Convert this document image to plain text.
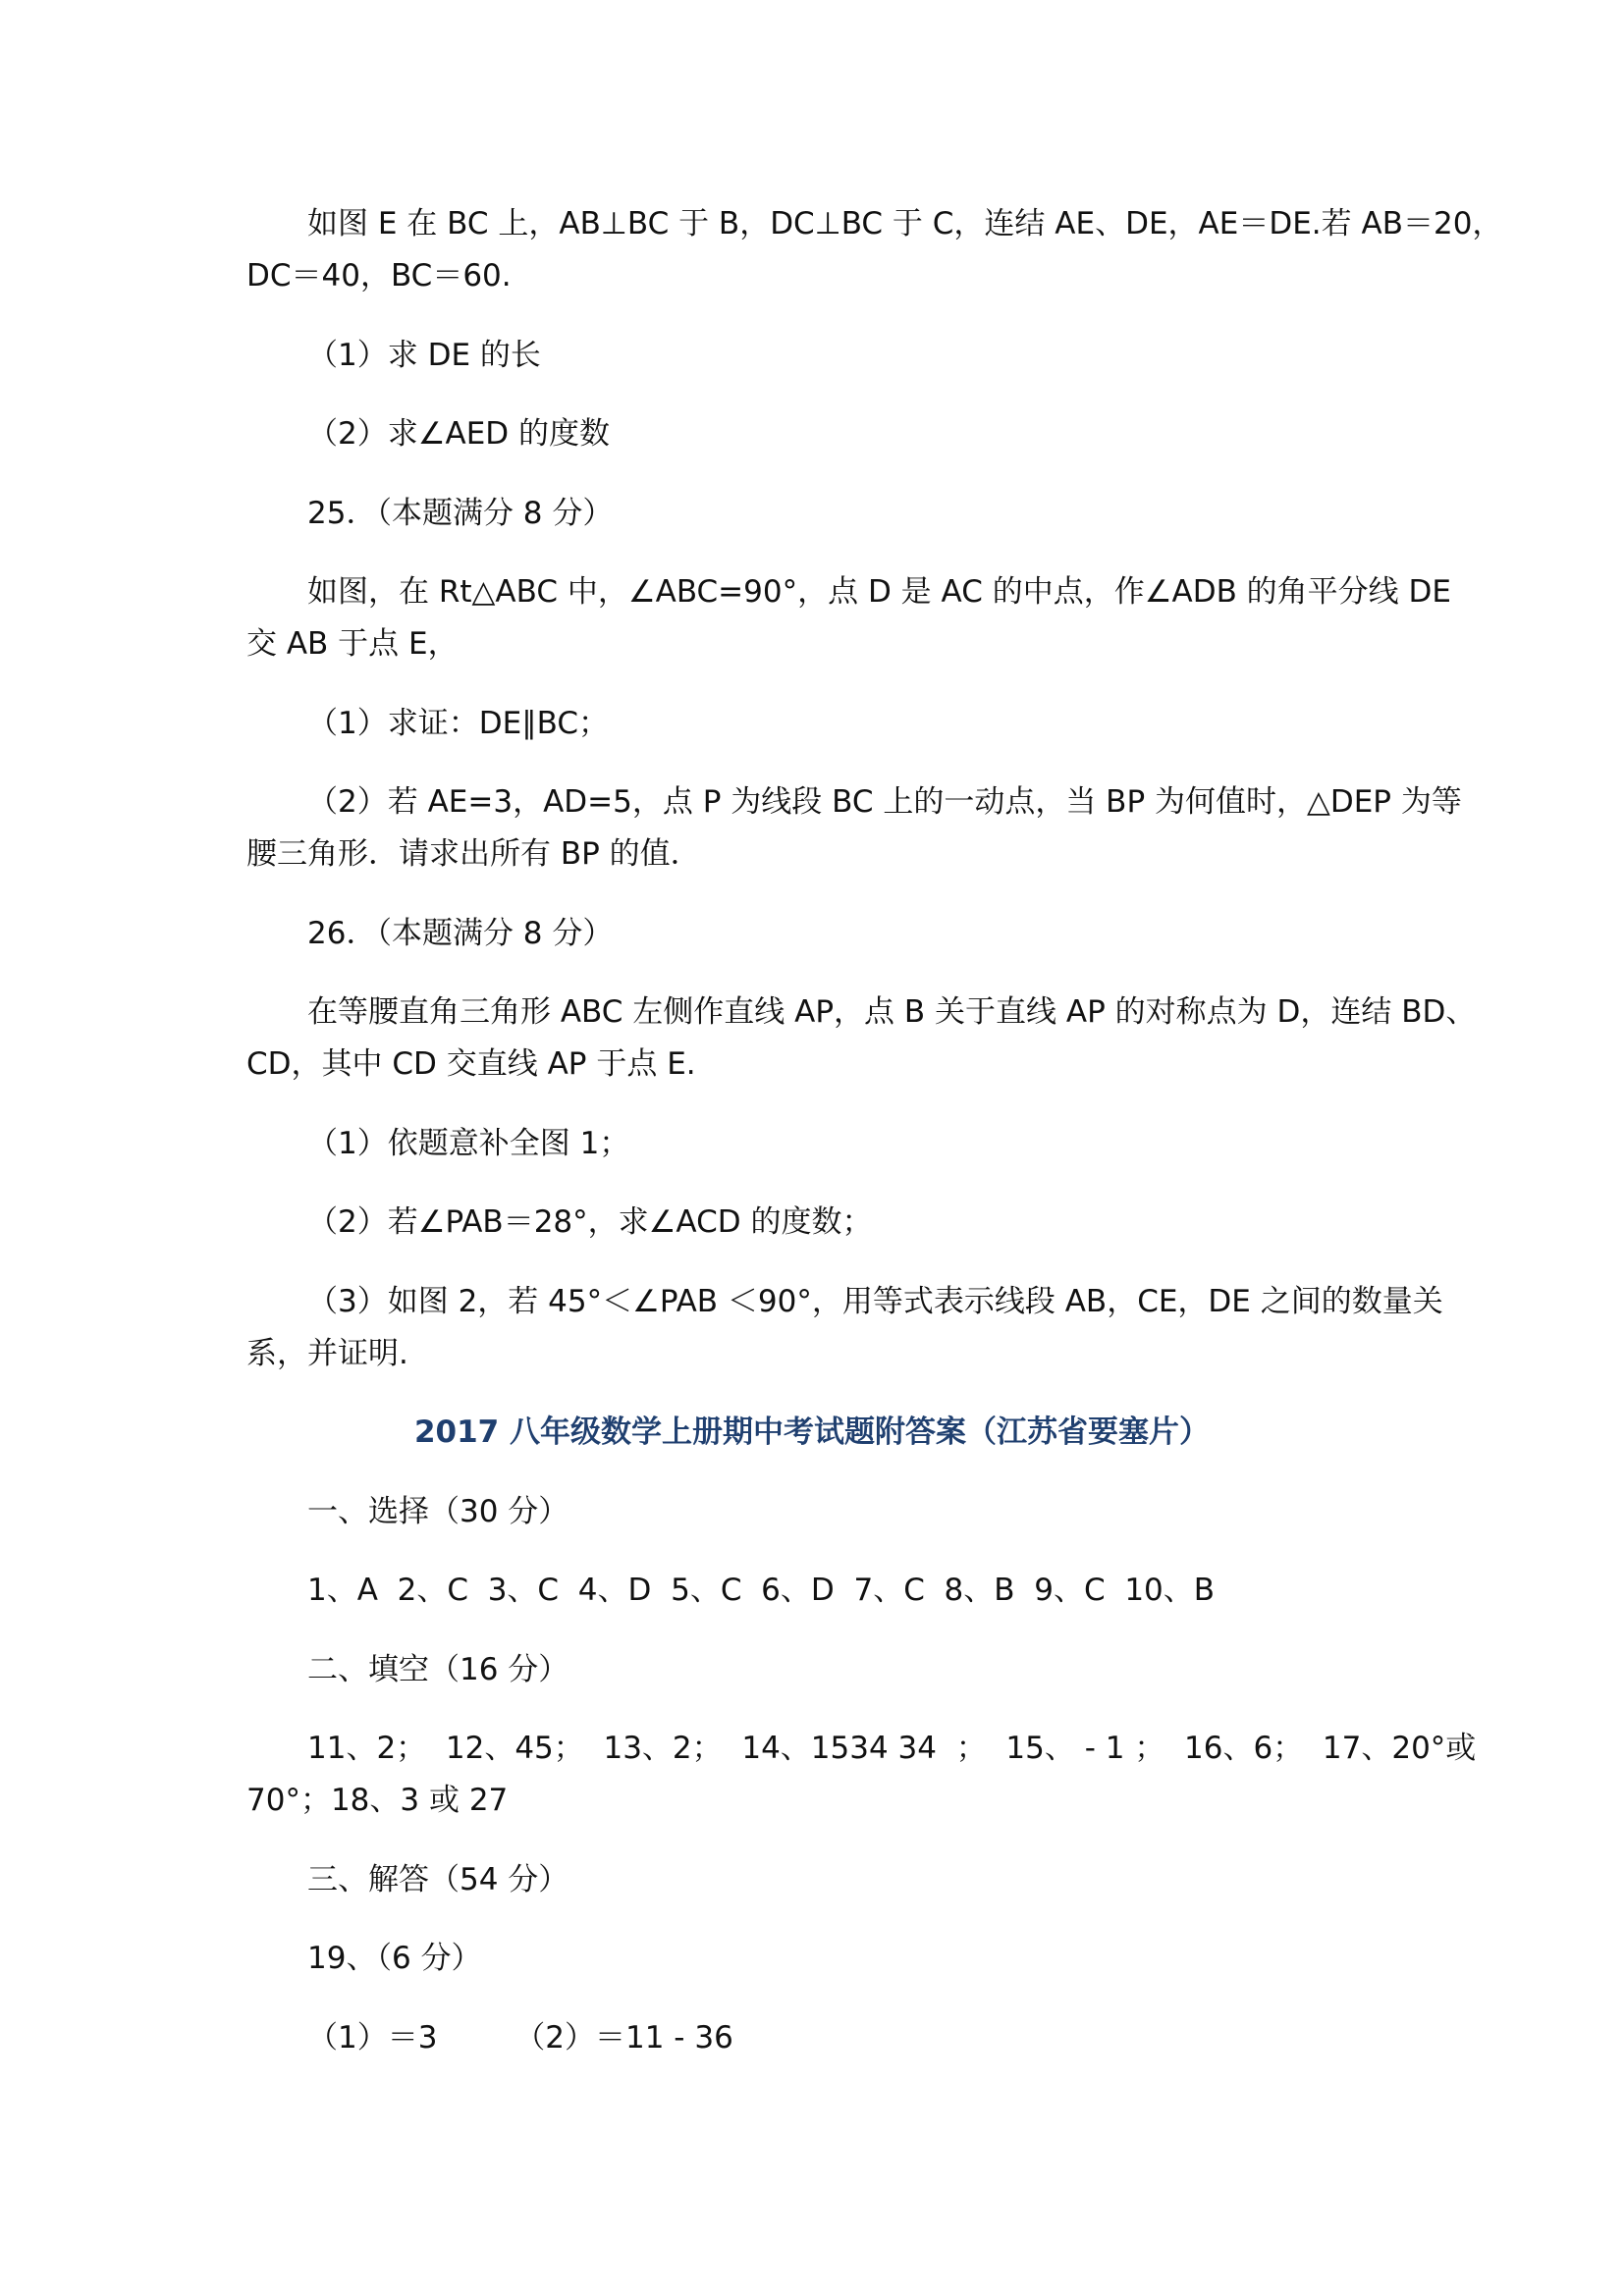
如图 E 在 BC 上，AB⊥BC 于 B，DC⊥BC 于 C，连结 AE、DE，AE＝DE.若 AB＝20，

DC＝40，BC＝60.

（1）求 DE 的长

（2）求∠AED 的度数

25．（本题满分 8 分）

如图，在 Rt△ABC 中，∠ABC=90°，点 D 是 AC 的中点，作∠ADB 的角平分线 DE

交 AB 于点 E，

（1）求证：DE∥BC；

（2）若 AE=3，AD=5，点 P 为线段 BC 上的一动点，当 BP 为何值时，△DEP 为等

腰三角形．请求出所有 BP 的值．

26．（本题满分 8 分）

在等腰直角三角形 ABC 左侧作直线 AP，点 B 关于直线 AP 的对称点为 D，连结 BD、

CD，其中 CD 交直线 AP 于点 E.

（1）依题意补全图 1；

（2）若∠PAB＝28°，求∠ACD 的度数；

（3）如图 2，若 45°＜∠PAB ＜90°，用等式表示线段 AB，CE，DE 之间的数量关

系，并证明.

2017 八年级数学上册期中考试题附答案（江苏省要塞片）

一、选择（30 分）

1、A  2、C  3、C  4、D  5、C  6、D  7、C  8、B  9、C  10、B

二、填空（16 分）

11、2；  12、45；  13、2；  14、1534 34  ；  15、 - 1 ；  16、6；  17、20°或

70°；18、3 或 27

三、解答（54 分）

19、（6 分）

（1）＝3        （2）＝11 - 36
